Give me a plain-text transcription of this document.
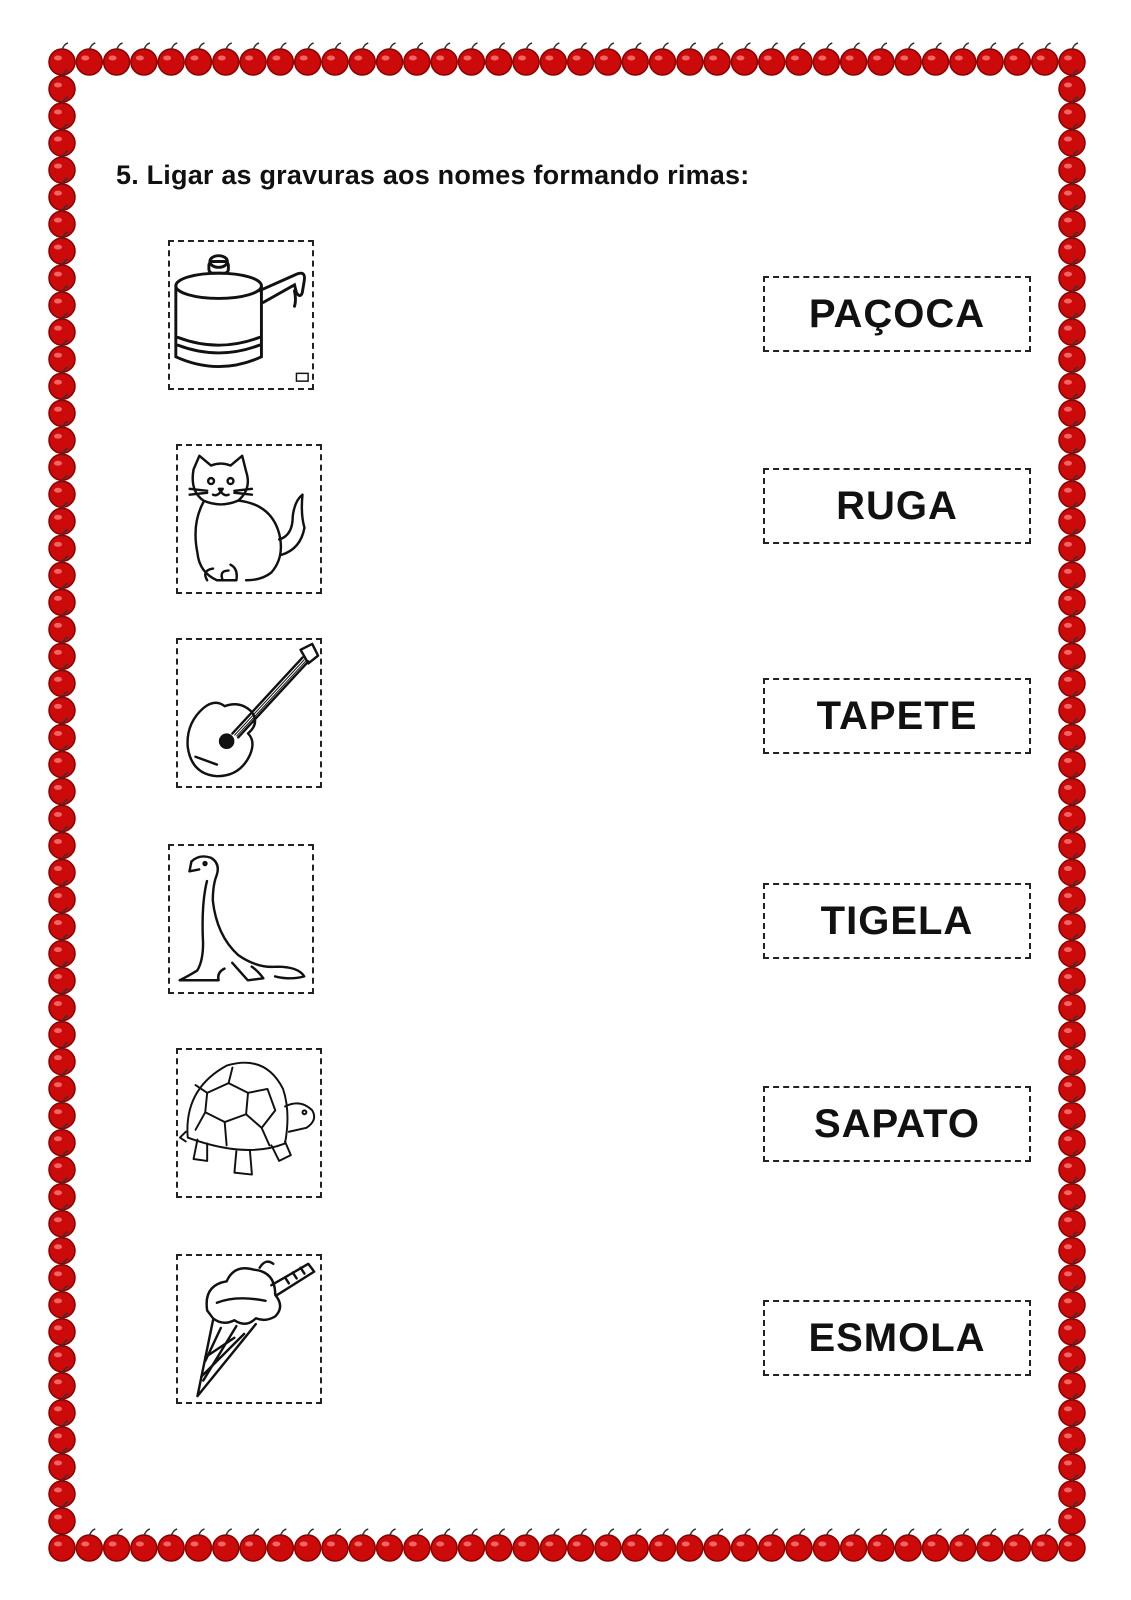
5. Ligar as gravuras aos nomes formando rimas:
PAÇOCA
RUGA
TAPETE
TIGELA
SAPATO
ESMOLA
